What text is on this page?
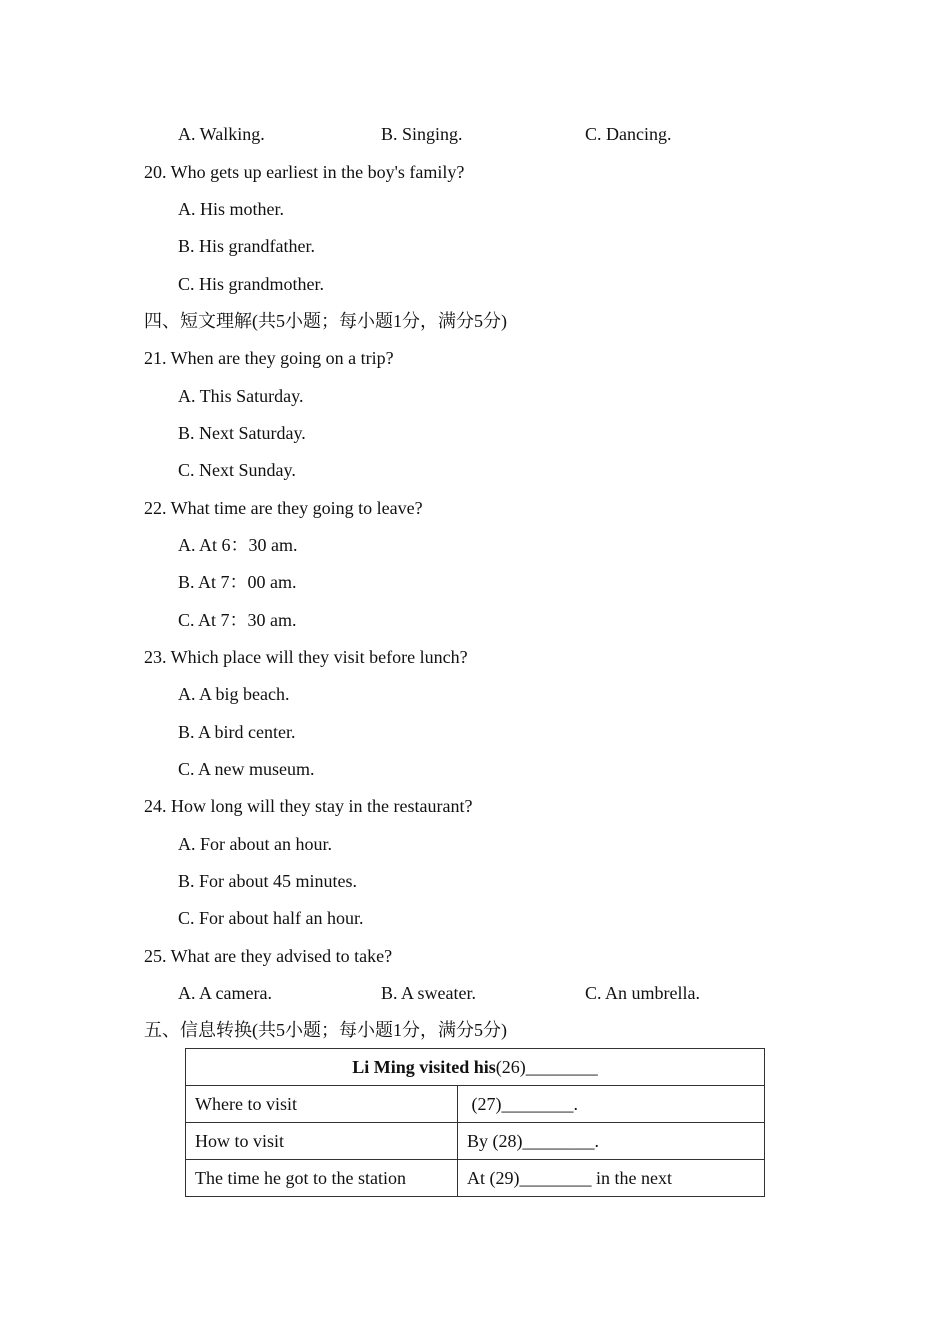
A. Walking.	B. Singing.	C. Dancing.
20. Who gets up earliest in the boy's family?
A. His mother.
B. His grandfather.
C. His grandmother.
四、短文理解(共5小题；每小题1分，满分5分)
21. When are they going on a trip?
A. This Saturday.
B. Next Saturday.
C. Next Sunday.
22. What time are they going to leave?
A. At 6：30 am.
B. At 7：00 am.
C. At 7：30 am.
23. Which place will they visit before lunch?
A. A big beach.
B. A bird center.
C. A new museum.
24. How long will they stay in the restaurant?
A. For about an hour.
B. For about 45 minutes.
C. For about half an hour.
25. What are they advised to take?
A. A camera.	B. A sweater.	C. An umbrella.
五、信息转换(共5小题；每小题1分，满分5分)
Li Ming visited his(26)________	
Where to visit	(27)________.
How to visit	By (28)________.
The time he got to the station	At (29)________ in the next
